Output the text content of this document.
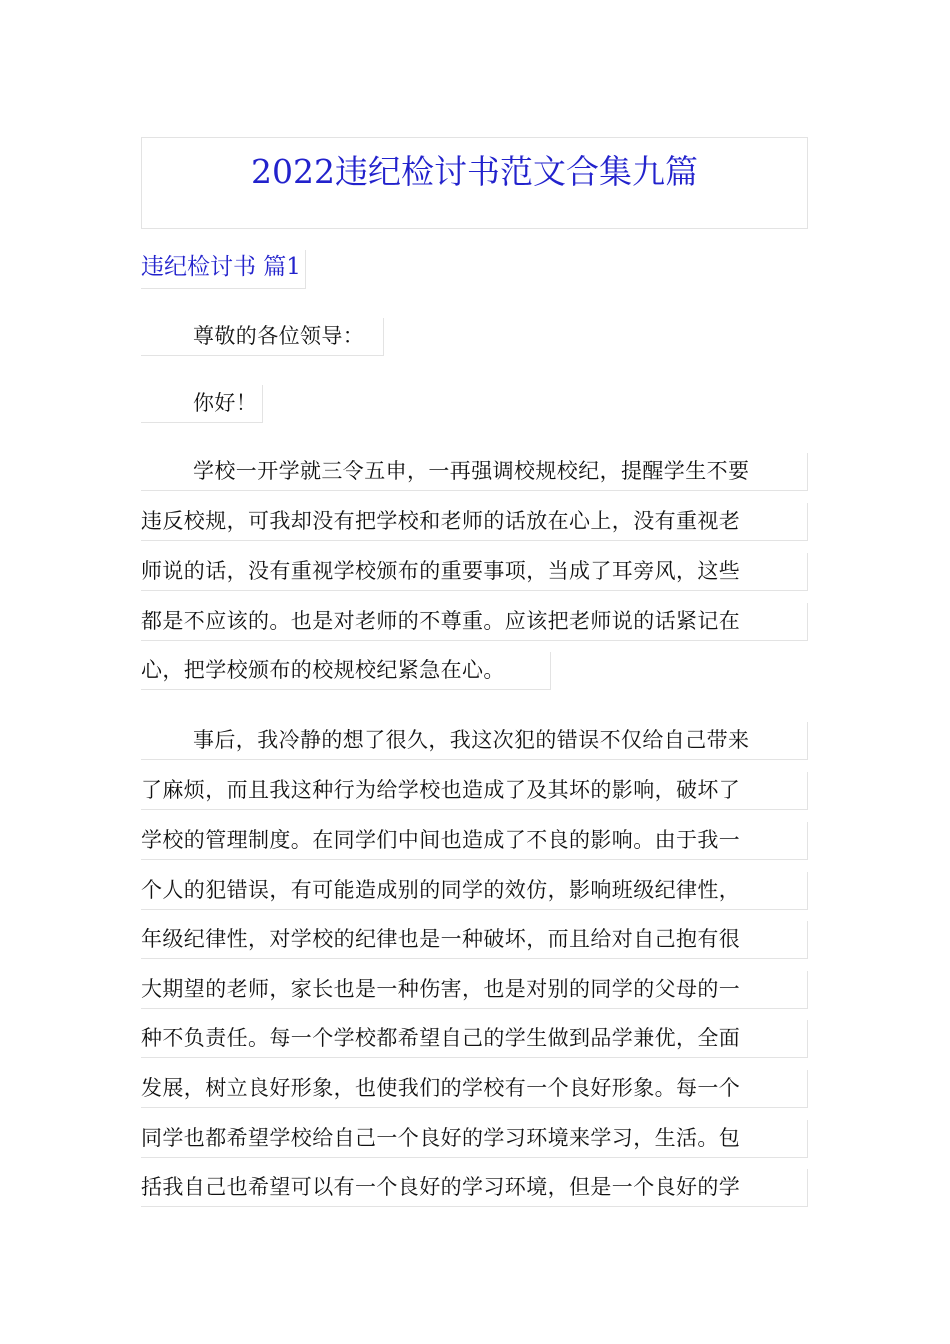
2022违纪检讨书范文合集九篇
违纪检讨书 篇1
尊敬的各位领导：
你好！
学校一开学就三令五申，一再强调校规校纪，提醒学生不要
违反校规，可我却没有把学校和老师的话放在心上，没有重视老
师说的话，没有重视学校颁布的重要事项，当成了耳旁风，这些
都是不应该的。也是对老师的不尊重。应该把老师说的话紧记在
心，把学校颁布的校规校纪紧急在心。
事后，我冷静的想了很久，我这次犯的错误不仅给自己带来
了麻烦，而且我这种行为给学校也造成了及其坏的影响，破坏了
学校的管理制度。在同学们中间也造成了不良的影响。由于我一
个人的犯错误，有可能造成别的同学的效仿，影响班级纪律性，
年级纪律性，对学校的纪律也是一种破坏，而且给对自己抱有很
大期望的老师，家长也是一种伤害，也是对别的同学的父母的一
种不负责任。每一个学校都希望自己的学生做到品学兼优，全面
发展，树立良好形象，也使我们的学校有一个良好形象。每一个
同学也都希望学校给自己一个良好的学习环境来学习，生活。包
括我自己也希望可以有一个良好的学习环境，但是一个良好的学
